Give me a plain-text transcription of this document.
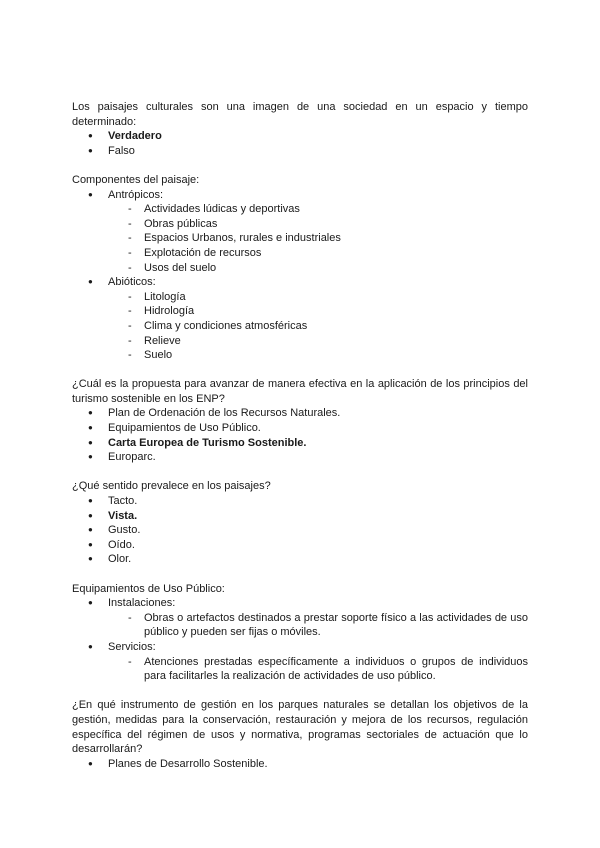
Los paisajes culturales son una imagen de una sociedad en un espacio y tiempo determinado:

● Verdadero
● Falso

Componentes del paisaje:

● Antrópicos:
- Actividades lúdicas y deportivas
- Obras públicas
- Espacios Urbanos, rurales e industriales
- Explotación de recursos
- Usos del suelo
● Abióticos:
- Litología
- Hidrología
- Clima y condiciones atmosféricas
- Relieve
- Suelo

¿Cuál es la propuesta para avanzar de manera efectiva en la aplicación de los principios del turismo sostenible en los ENP?

● Plan de Ordenación de los Recursos Naturales.
● Equipamientos de Uso Público.
● Carta Europea de Turismo Sostenible.
● Europarc.

¿Qué sentido prevalece en los paisajes?

● Tacto.
● Vista.
● Gusto.
● Oído.
● Olor.

Equipamientos de Uso Público:

● Instalaciones:
- Obras o artefactos destinados a prestar soporte físico a las actividades de uso público y pueden ser fijas o móviles.
● Servicios:
- Atenciones prestadas específicamente a individuos o grupos de individuos para facilitarles la realización de actividades de uso público.

¿En qué instrumento de gestión en los parques naturales se detallan los objetivos de la gestión, medidas para la conservación, restauración y mejora de los recursos, regulación específica del régimen de usos y normativa, programas sectoriales de actuación que lo desarrollarán?

● Planes de Desarrollo Sostenible.
